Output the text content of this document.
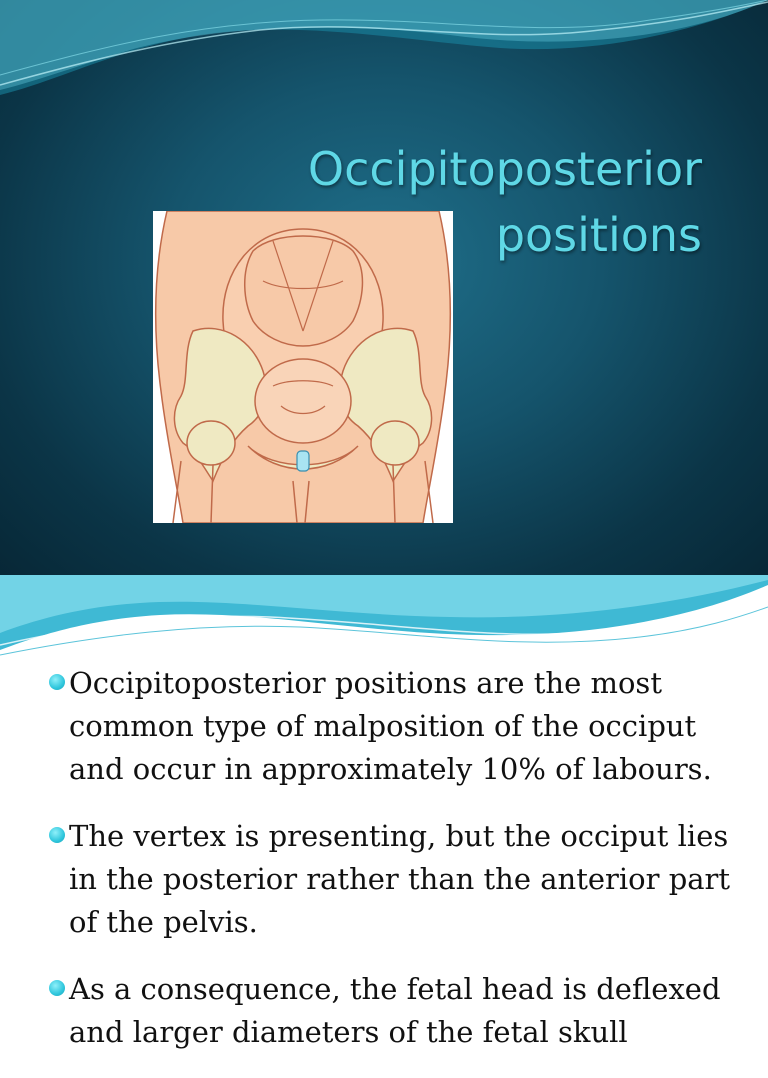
Occipitoposterior
positions
Occipitoposterior positions are the most common type of malposition of the occiput and occur in approximately 10% of labours.
The vertex is presenting, but the occiput lies in the posterior rather than the anterior part of the pelvis.
As a consequence, the fetal head is deflexed and larger diameters of the fetal skull
